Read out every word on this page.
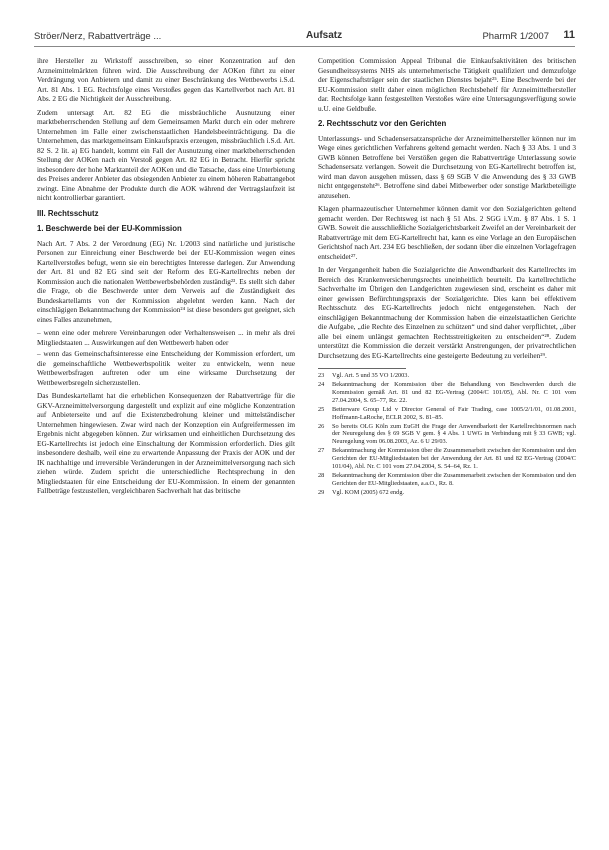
Ströer/Nerz, Rabattverträge ...	Aufsatz	PharmR 1/2007 11

ihre Hersteller zu Wirkstoff ausschreiben, so einer Konzentration auf den Arzneimittelmärkten führen wird. Die Ausschreibung der AOKen führt zu einer Verdrängung von Anbietern und damit zu einer Beschränkung des Wettbewerbs i.S.d. Art. 81 Abs. 1 EG. Rechtsfolge eines Verstoßes gegen das Kartellverbot nach Art. 81 Abs. 2 EG die Nichtigkeit der Ausschreibung.

Zudem untersagt Art. 82 EG die missbräuchliche Ausnutzung einer marktbeherrschenden Stellung auf dem Gemeinsamen Markt durch ein oder mehrere Unternehmen im Falle einer zwischenstaatlichen Handelsbeeinträchtigung. Da die Unternehmen, das marktgemeinsam Einkaufspraxis erzeugen, missbräuchlich i.S.d. Art. 82 S. 2 lit. a) EG handelt, kommt ein Fall der Ausnutzung einer marktbeherrschenden Stellung der AOKen nach ein Verstoß gegen Art. 82 EG in Betracht. Hierfür spricht insbesondere der hohe Marktanteil der AOKen und die Tatsache, dass eine Unterbietung des Preises anderer Anbieter das obsiegenden Anbieter zu einem höheren Rabattangebot zwingt. Eine Abnahme der Produkte durch die AOK während der Vertragslaufzeit ist nicht kontrollierbar garantiert.

III. Rechtsschutz
1. Beschwerde bei der EU-Kommission

Nach Art. 7 Abs. 2 der Verordnung (EG) Nr. 1/2003 sind natürliche und juristische Personen zur Einreichung einer Beschwerde bei der EU-Kommission wegen eines Kartellverstoßes befugt, wenn sie ein berechtigtes Interesse darlegen. Zur Anwendung der Art. 81 und 82 EG sind seit der Reform des EG-Kartellrechts neben der Kommission auch die nationalen Wettbewerbsbehörden zuständig²³. Es stellt sich daher die Frage, ob die Beschwerde unter dem Verweis auf die Zuständigkeit des Bundeskartellamts von der Kommission abgelehnt werden kann. Nach der einschlägigen Bekanntmachung der Kommission²⁴ ist diese besonders gut geeignet, sich eines Falles anzunehmen,

– wenn eine oder mehrere Vereinbarungen oder Verhaltensweisen ... in mehr als drei Mitgliedstaaten ... Auswirkungen auf den Wettbewerb haben oder
– wenn das Gemeinschaftsinteresse eine Entscheidung der Kommission erfordert, um die gemeinschaftliche Wettbewerbspolitik weiter zu entwickeln, wenn neue Wettbewerbsfragen auftreten oder um eine wirksame Durchsetzung der Wettbewerbsregeln sicherzustellen.

Das Bundeskartellamt hat die erheblichen Konsequenzen der Rabattverträge für die GKV-Arzneimittelversorgung dargestellt und explizit auf eine mögliche Konzentration auf Anbieterseite und auf die Existenzbedrohung kleiner und mittelständischer Unternehmen hingewiesen. Zwar wird nach der Konzeption ein Aufgreifermessen im Ergebnis nicht abgegeben können. Zur wirksamen und einheitlichen Durchsetzung des EG-Kartellrechts ist jedoch eine Einschaltung der Kommission erforderlich. Dies gilt insbesondere deshalb, weil eine zu erwartende Anpassung der Praxis der AOK und der IK nachhaltige und irreversible Veränderungen in der Arzneimittelversorgung nach sich ziehen würde. Zudem spricht die unterschiedliche Rechtsprechung in den Mitgliedstaaten für eine Entscheidung der EU-Kommission. In einem der genannten Fallbeträge festzustellen, vergleichbaren Sachverhalt hat das britische

Competition Commission Appeal Tribunal die Einkaufsaktivitäten des britischen Gesundheitssystems NHS als unternehmerische Tätigkeit qualifiziert und demzufolge der Eigenschaftsträger sein der staatlichen Dienstes bejaht²⁵. Eine Beschwerde bei der EU-Kommission stellt daher einen möglichen Rechtsbehelf für Arzneimittelhersteller dar. Rechtsfolge kann festgestellten Verstoßes wäre eine Untersagungsverfügung sowie u.U. eine Geldbuße.

2. Rechtsschutz vor den Gerichten

Unterlassungs- und Schadensersatzansprüche der Arzneimittelhersteller können nur im Wege eines gerichtlichen Verfahrens geltend gemacht werden. Nach § 33 Abs. 1 und 3 GWB können Betroffene bei Verstößen gegen die Rabattverträge Unterlassung sowie Schadensersatz verlangen. Soweit die Durchsetzung von EG-Kartellrecht betroffen ist, wird man davon ausgehen müssen, dass § 69 SGB V die Anwendung des § 33 GWB nicht entgegensteht²⁶. Betroffene sind dabei Mitbewerber oder sonstige Marktbeteiligte anzusehen.

Klagen pharmazeutischer Unternehmer können damit vor den Sozialgerichten geltend gemacht werden. Der Rechtsweg ist nach § 51 Abs. 2 SGG i.V.m. § 87 Abs. 1 S. 1 GWB. Soweit die ausschließliche Sozialgerichtsbarkeit Zweifel an der Vereinbarkeit der Rabattverträge mit dem EG-Kartellrecht hat, kann es eine Vorlage an den Europäischen Gerichtshof nach Art. 234 EG beschließen, der sodann über die einzelnen Vorlagefragen entscheidet²⁷.

In der Vergangenheit haben die Sozialgerichte die Anwendbarkeit des Kartellrechts im Bereich des Krankenversicherungsrechts uneinheitlich beurteilt. Da kartellrechtliche Sachverhalte im Übrigen den Landgerichten zugewiesen sind, erscheint es daher mit einer gewissen Befürchtungspraxis der Sozialgerichte. Dies kann bei effektivem Rechtsschutz des EG-Kartellrechts jedoch nicht entgegenstehen. Nach der einschlägigen Bekanntmachung der Kommission haben die einzelstaatlichen Gerichte die Aufgabe, „die Rechte des Einzelnen zu schützen“ und sind daher verpflichtet, „über alle bei einem unlängst gemachten Rechtsstreitigkeiten zu entscheiden“²⁸. Zudem unterstützt die Kommission die derzeit verstärkt Anstrengungen, der privatrechtlichen Durchsetzung des EG-Kartellrechts eine gesteigerte Bedeutung zu verleihen²⁹.

23	Vgl. Art. 5 und 35 VO 1/2003.
24	Bekanntmachung der Kommission über die Behandlung von Beschwerden durch die Kommission gemäß Art. 81 und 82 EG-Vertrag (2004/C 101/05), Abl. Nr. C 101 vom 27.04.2004, S. 65–77, Rz. 22.
25	Betterware Group Ltd v Director General of Fair Trading, case 1005/2/1/01, 01.08.2001, Hoffmann-LaRoche, ECLR 2002, S. 81–85.
26	So bereits OLG Köln zum EuGH die Frage der Anwendbarkeit der Kartellrechtsnormen nach der Neuregelung des § 69 SGB V gem. § 4 Abs. 1 UWG in Verbindung mit § 33 GWB; vgl. Neuregelung vom 06.08.2003, Az. 6 U 29/03.
27	Bekanntmachung der Kommission über die Zusammenarbeit zwischen der Kommission und den Gerichten der EU-Mitgliedstaaten bei der Anwendung der Art. 81 und 82 EG-Vertrag (2004/C 101/04), Abl. Nr. C 101 vom 27.04.2004, S. 54–64, Rz. 1.
28	Bekanntmachung der Kommission über die Zusammenarbeit zwischen der Kommission und den Gerichten der EU-Mitgliedstaaten, a.a.O., Rz. 8.
29	Vgl. KOM (2005) 672 endg.
